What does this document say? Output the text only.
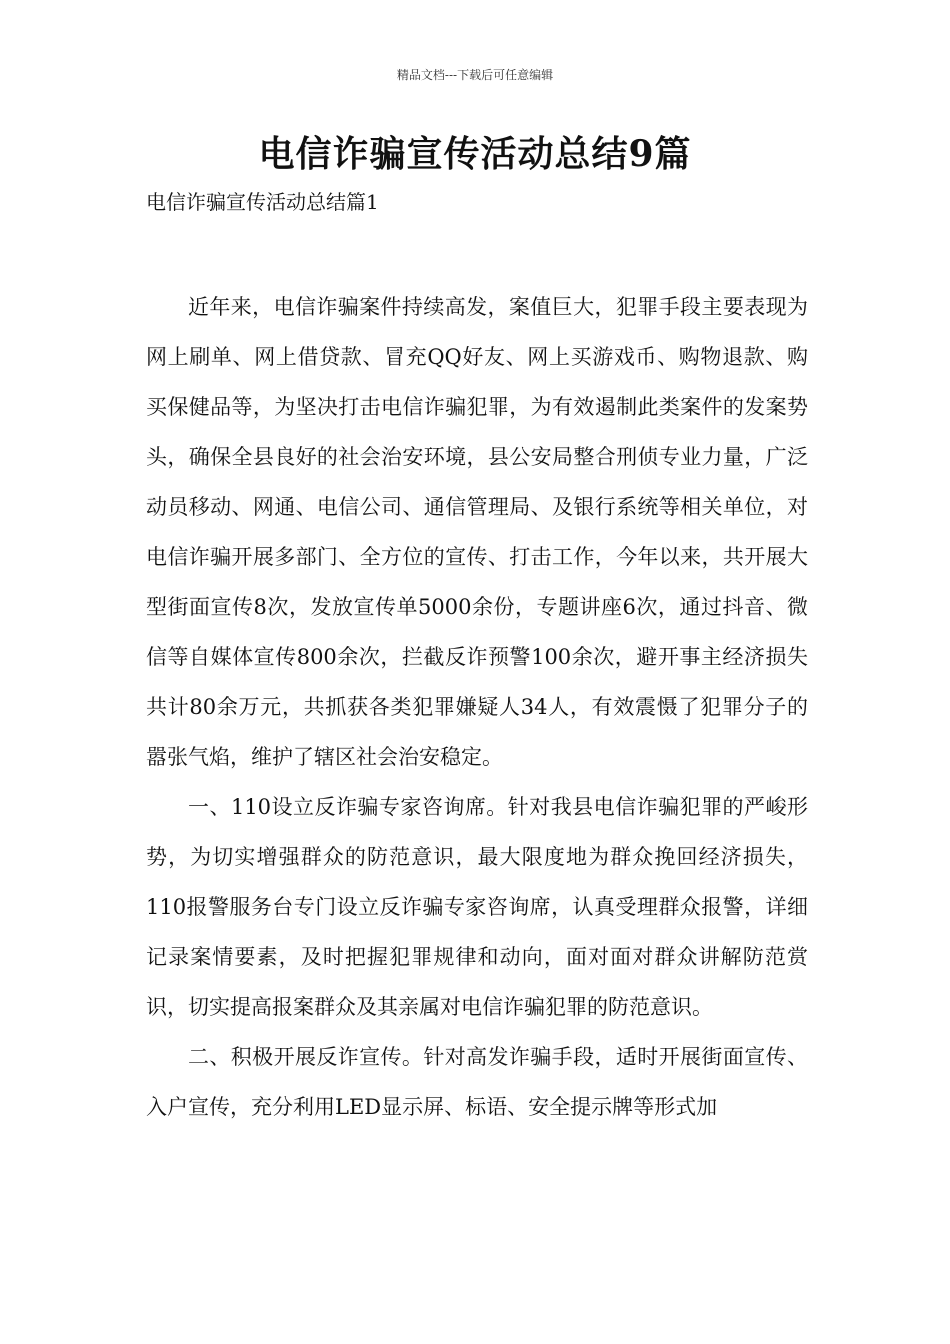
精品文档---下载后可任意编辑
电信诈骗宣传活动总结9篇
电信诈骗宣传活动总结篇1

近年来，电信诈骗案件持续高发，案值巨大，犯罪手段主要表现为网上刷单、网上借贷款、冒充QQ好友、网上买游戏币、购物退款、购买保健品等，为坚决打击电信诈骗犯罪，为有效遏制此类案件的发案势头，确保全县良好的社会治安环境，县公安局整合刑侦专业力量，广泛动员移动、网通、电信公司、通信管理局、及银行系统等相关单位，对电信诈骗开展多部门、全方位的宣传、打击工作，今年以来，共开展大型街面宣传8次，发放宣传单5000余份，专题讲座6次，通过抖音、微信等自媒体宣传800余次，拦截反诈预警100余次，避开事主经济损失共计80余万元，共抓获各类犯罪嫌疑人34人，有效震慑了犯罪分子的嚣张气焰，维护了辖区社会治安稳定。

一、110设立反诈骗专家咨询席。针对我县电信诈骗犯罪的严峻形势，为切实增强群众的防范意识，最大限度地为群众挽回经济损失，110报警服务台专门设立反诈骗专家咨询席，认真受理群众报警，详细记录案情要素，及时把握犯罪规律和动向，面对面对群众讲解防范赏识，切实提高报案群众及其亲属对电信诈骗犯罪的防范意识。

二、积极开展反诈宣传。针对高发诈骗手段，适时开展街面宣传、入户宣传，充分利用LED显示屏、标语、安全提示牌等形式加
